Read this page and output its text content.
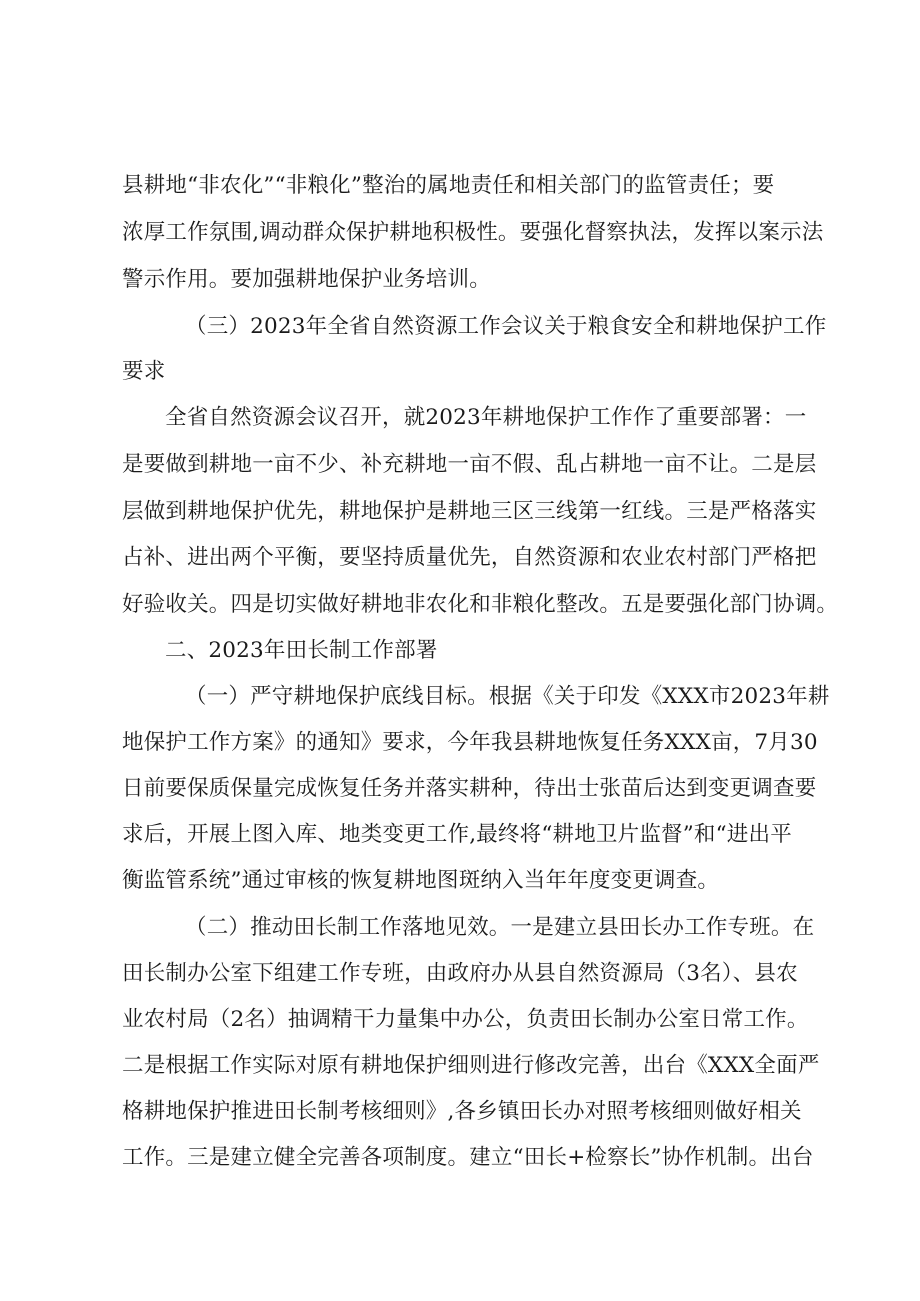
县耕地“非农化”“非粮化”整治的属地责任和相关部门的监管责任；要
浓厚工作氛围,调动群众保护耕地积极性。要强化督察执法，发挥以案示法
警示作用。要加强耕地保护业务培训。
（三）2023年全省自然资源工作会议关于粮食安全和耕地保护工作
要求
全省自然资源会议召开，就2023年耕地保护工作作了重要部署：一
是要做到耕地一亩不少、补充耕地一亩不假、乱占耕地一亩不让。二是层
层做到耕地保护优先，耕地保护是耕地三区三线第一红线。三是严格落实
占补、进出两个平衡，要坚持质量优先，自然资源和农业农村部门严格把
好验收关。四是切实做好耕地非农化和非粮化整改。五是要强化部门协调。
二、2023年田长制工作部署
（一）严守耕地保护底线目标。根据《关于印发《XXX市2023年耕
地保护工作方案》的通知》要求，今年我县耕地恢复任务XXX亩，7月30
日前要保质保量完成恢复任务并落实耕种，待出士张苗后达到变更调查要
求后，开展上图入库、地类变更工作,最终将“耕地卫片监督”和“进出平
衡监管系统”通过审核的恢复耕地图斑纳入当年年度变更调查。
（二）推动田长制工作落地见效。一是建立县田长办工作专班。在
田长制办公室下组建工作专班，由政府办从县自然资源局（3名）、县农
业农村局（2名）抽调精干力量集中办公，负责田长制办公室日常工作。
二是根据工作实际对原有耕地保护细则进行修改完善，出台《XXX全面严
格耕地保护推进田长制考核细则》,各乡镇田长办对照考核细则做好相关
工作。三是建立健全完善各项制度。建立“田长+检察长”协作机制。出台
